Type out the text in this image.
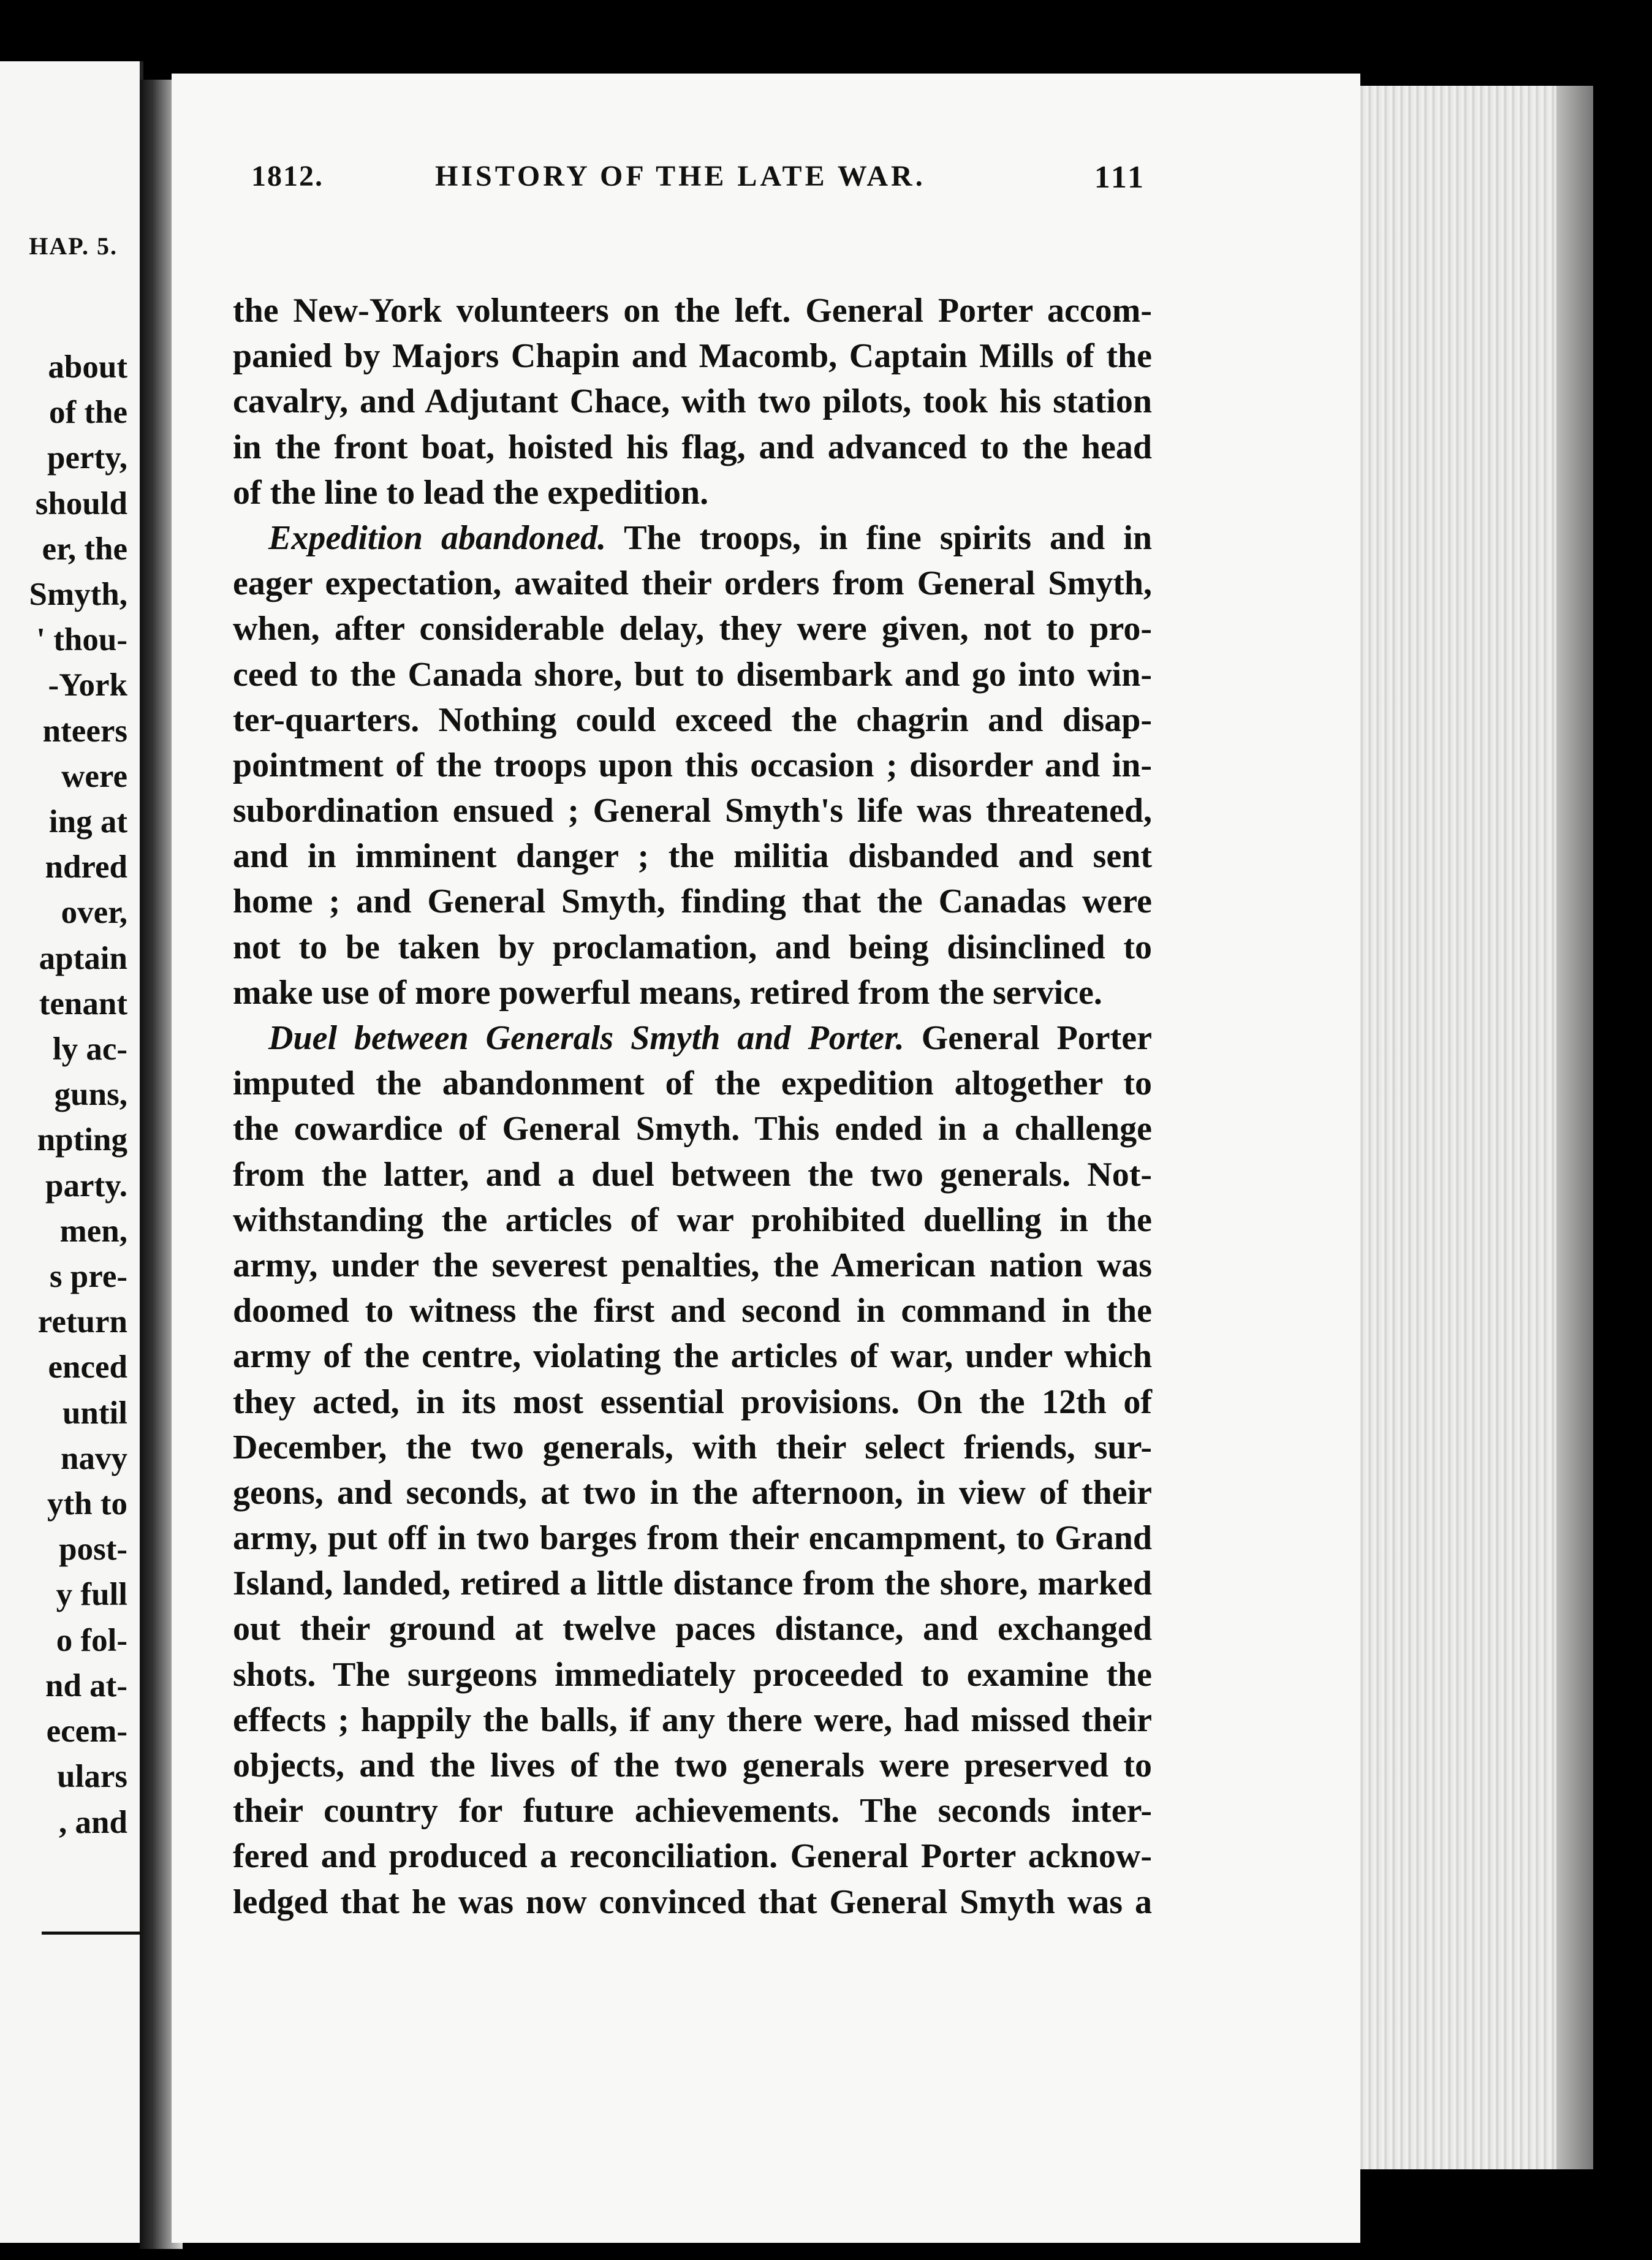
HAP. 5.
about
of the
perty,
should
er, the
Smyth,
' thou-
-York
nteers
were
ing at
ndred
over,
aptain
tenant
ly ac-
guns,
npting
party.
men,
s pre-
return
enced
until
navy
yth to
post-
y full
o fol-
nd at-
ecem-
ulars
, and
1812.	HISTORY OF THE LATE WAR.	111
the New-York volunteers on the left. General Porter accom-
panied by Majors Chapin and Macomb, Captain Mills of the
cavalry, and Adjutant Chace, with two pilots, took his station
in the front boat, hoisted his flag, and advanced to the head
of the line to lead the expedition.
Expedition abandoned. The troops, in fine spirits and in
eager expectation, awaited their orders from General Smyth,
when, after considerable delay, they were given, not to pro-
ceed to the Canada shore, but to disembark and go into win-
ter-quarters. Nothing could exceed the chagrin and disap-
pointment of the troops upon this occasion ; disorder and in-
subordination ensued ; General Smyth's life was threatened,
and in imminent danger ; the militia disbanded and sent
home ; and General Smyth, finding that the Canadas were
not to be taken by proclamation, and being disinclined to
make use of more powerful means, retired from the service.
Duel between Generals Smyth and Porter. General Porter
imputed the abandonment of the expedition altogether to
the cowardice of General Smyth. This ended in a challenge
from the latter, and a duel between the two generals. Not-
withstanding the articles of war prohibited duelling in the
army, under the severest penalties, the American nation was
doomed to witness the first and second in command in the
army of the centre, violating the articles of war, under which
they acted, in its most essential provisions. On the 12th of
December, the two generals, with their select friends, sur-
geons, and seconds, at two in the afternoon, in view of their
army, put off in two barges from their encampment, to Grand
Island, landed, retired a little distance from the shore, marked
out their ground at twelve paces distance, and exchanged
shots. The surgeons immediately proceeded to examine the
effects ; happily the balls, if any there were, had missed their
objects, and the lives of the two generals were preserved to
their country for future achievements. The seconds inter-
fered and produced a reconciliation. General Porter acknow-
ledged that he was now convinced that General Smyth was a
